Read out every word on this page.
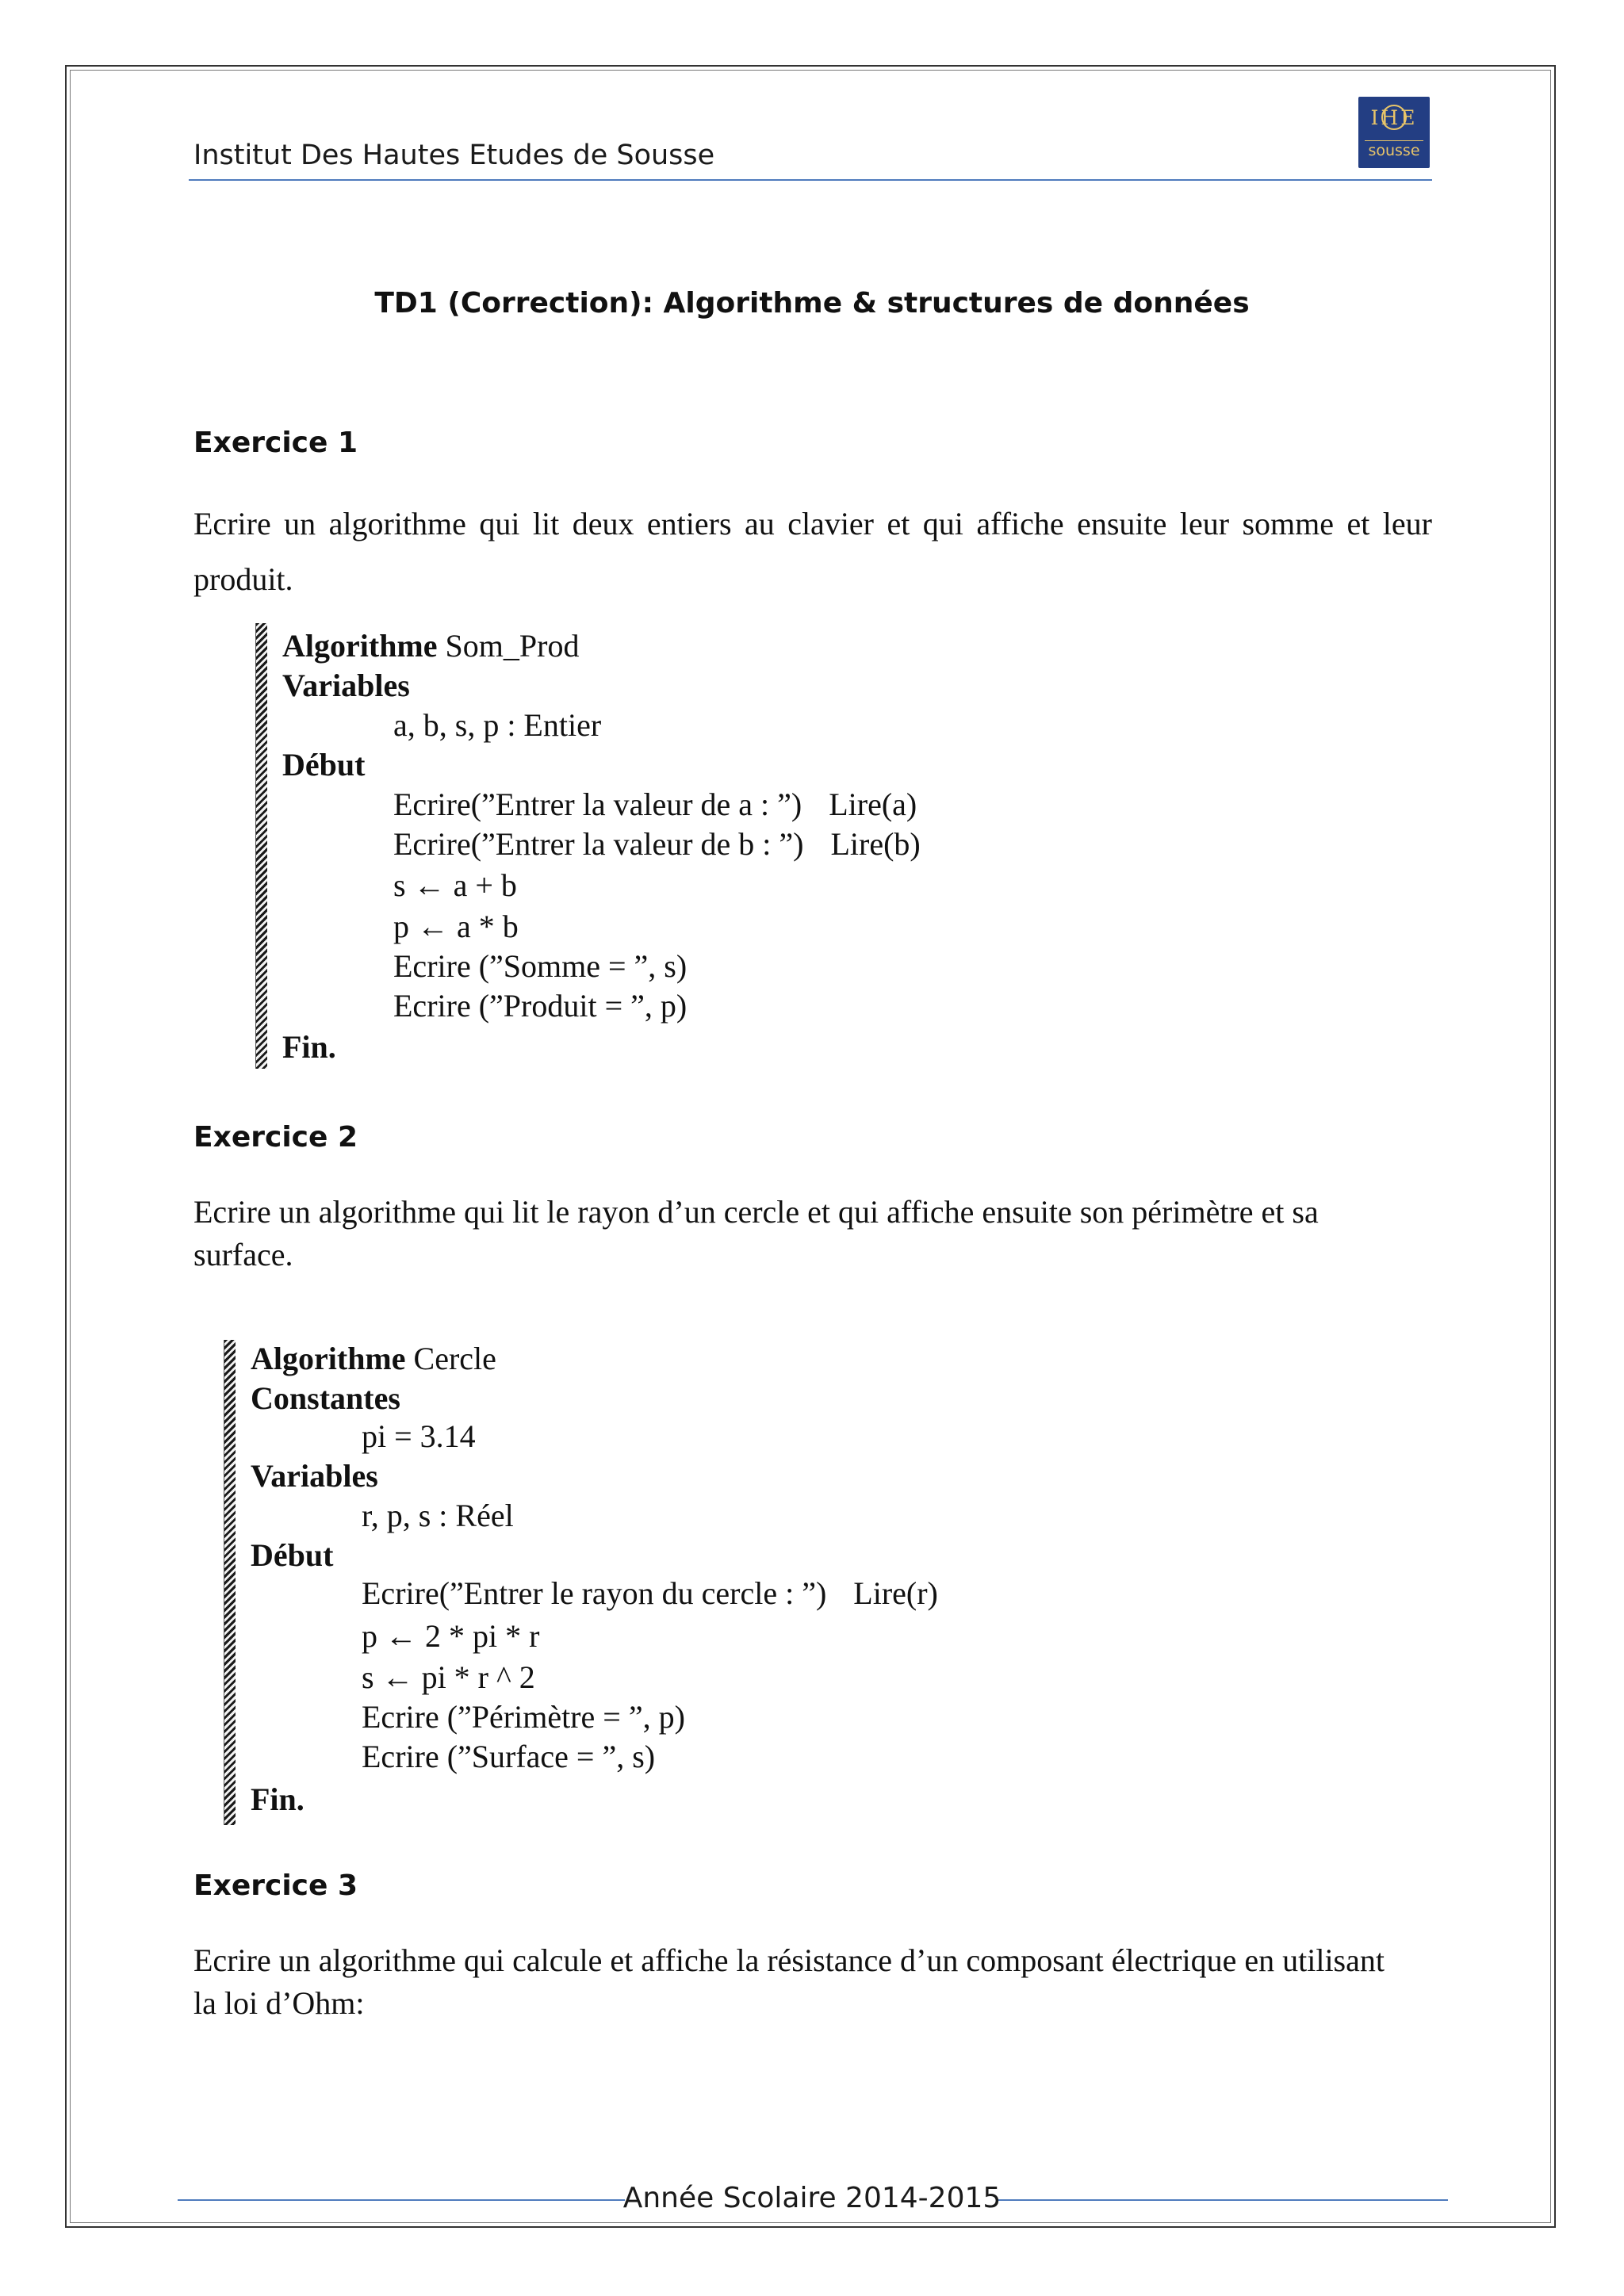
Institut Des Hautes Etudes de Sousse
IHE
sousse
TD1 (Correction): Algorithme & structures de données
Exercice 1
Ecrire un algorithme qui lit deux entiers au clavier et qui affiche ensuite leur somme et leur produit.
Algorithme Som_Prod
Variables
a, b, s, p : Entier
Début
Ecrire(”Entrer la valeur de a : ”) Lire(a)
Ecrire(”Entrer la valeur de b : ”) Lire(b)
s ← a + b
p ← a * b
Ecrire (”Somme = ”, s)
Ecrire (”Produit = ”, p)
Fin.
Exercice 2
Ecrire un algorithme qui lit le rayon d’un cercle et qui affiche ensuite son périmètre et sa
surface.
Algorithme Cercle
Constantes
pi = 3.14
Variables
r, p, s : Réel
Début
Ecrire(”Entrer le rayon du cercle : ”) Lire(r)
p ← 2 * pi * r
s ← pi * r ^ 2
Ecrire (”Périmètre = ”, p)
Ecrire (”Surface = ”, s)
Fin.
Exercice 3
Ecrire un algorithme qui calcule et affiche la résistance d’un composant électrique en utilisant
la loi d’Ohm:
Année Scolaire 2014-2015
